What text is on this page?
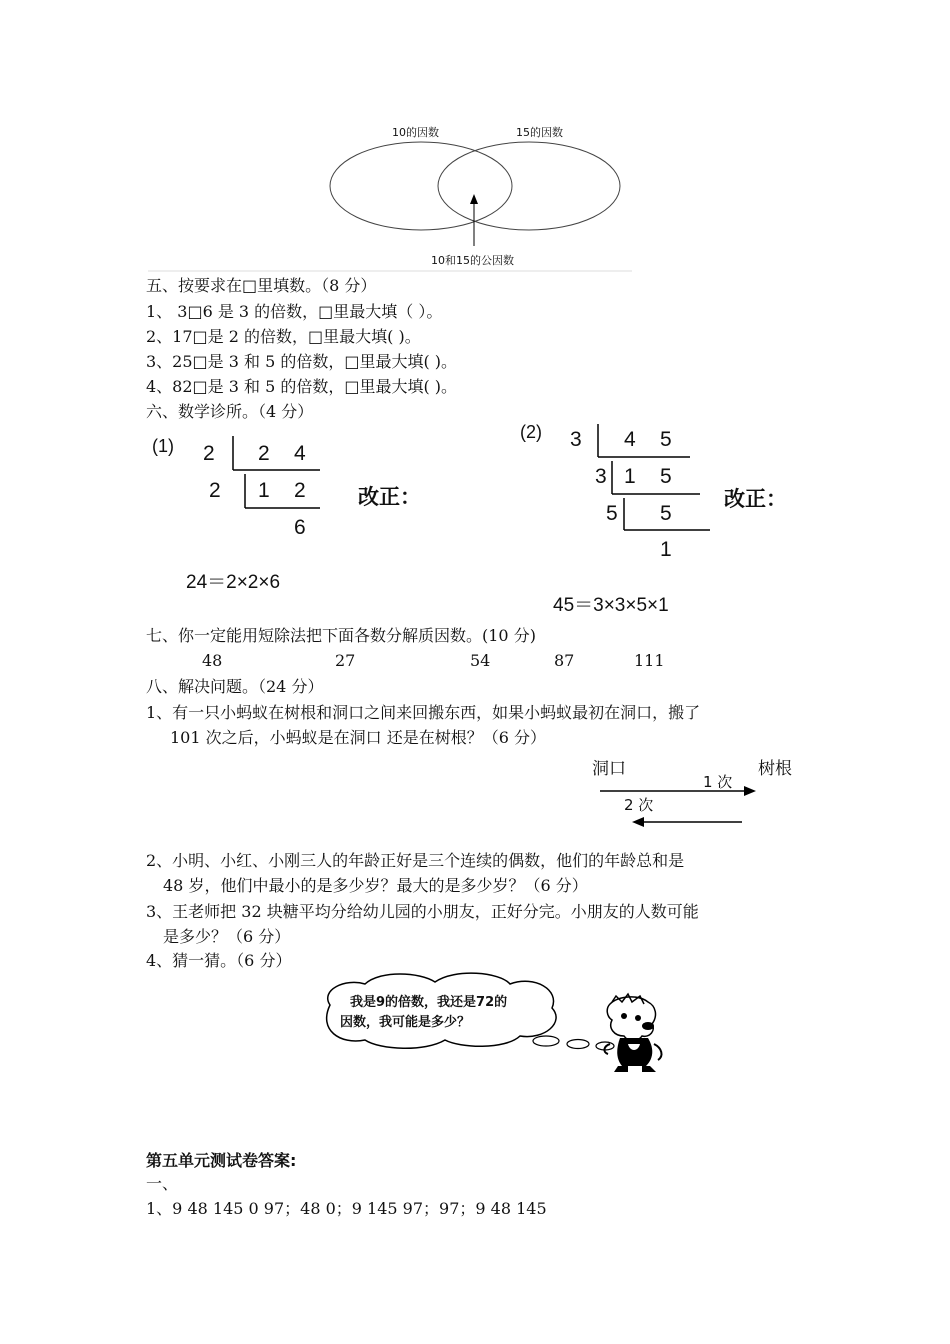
10的因数	15的因数
10和15的公因数
五、按要求在□里填数。（8 分）
1、 3□6 是 3 的倍数，□里最大填（ ）。
2、17□是 2 的倍数，□里最大填( )。
3、25□是 3 和 5 的倍数，□里最大填( )。
4、82□是 3 和 5 的倍数，□里最大填( )。
六、数学诊所。（4 分）
(1) 2 2 4
2 1 2
6
改正：
24＝2×2×6
(2) 3 4 5
3 1 5
5 5
1
改正：
45＝3×3×5×1
七、你一定能用短除法把下面各数分解质因数。(10 分)
48	27	54	87	111
八、解决问题。（24 分）
1、有一只小蚂蚁在树根和洞口之间来回搬东西，如果小蚂蚁最初在洞口，搬了
101 次之后，小蚂蚁是在洞口 还是在树根？（6 分）
洞口	树根
1 次
2 次
2、小明、小红、小刚三人的年龄正好是三个连续的偶数，他们的年龄总和是
48 岁，他们中最小的是多少岁？最大的是多少岁？（6 分）
3、王老师把 32 块糖平均分给幼儿园的小朋友，正好分完。小朋友的人数可能
是多少？（6 分）
4、猜一猜。（6 分）
我是9的倍数，我还是72的
因数，我可能是多少？
第五单元测试卷答案:
一、
1、9 48 145 0 97；48 0；9 145 97；97；9 48 145
